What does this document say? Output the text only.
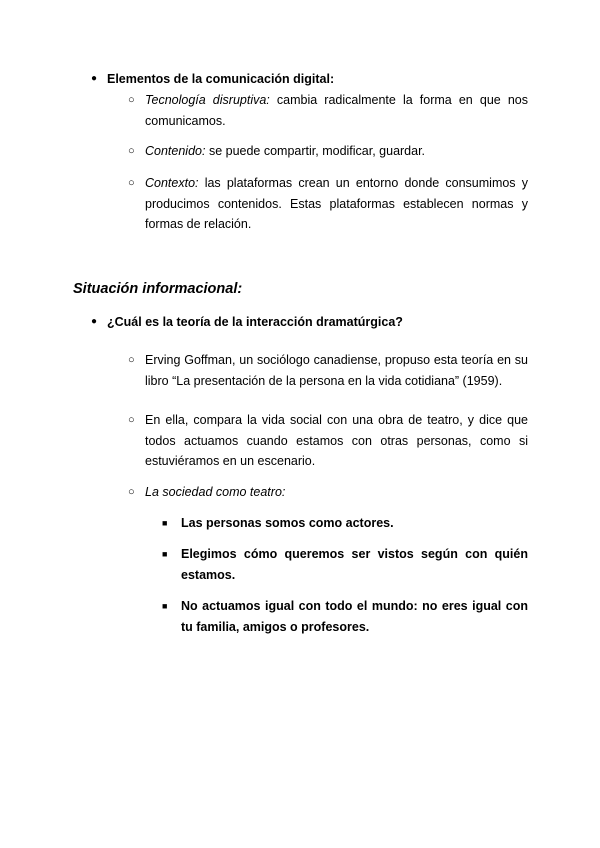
● Elementos de la comunicación digital:
○ Tecnología disruptiva: cambia radicalmente la forma en que nos comunicamos.
○ Contenido: se puede compartir, modificar, guardar.
○ Contexto: las plataformas crean un entorno donde consumimos y producimos contenidos. Estas plataformas establecen normas y formas de relación.
Situación informacional:
● ¿Cuál es la teoría de la interacción dramatúrgica?
○ Erving Goffman, un sociólogo canadiense, propuso esta teoría en su libro “La presentación de la persona en la vida cotidiana” (1959).
○ En ella, compara la vida social con una obra de teatro, y dice que todos actuamos cuando estamos con otras personas, como si estuviéramos en un escenario.
○ La sociedad como teatro:
■	Las personas somos como actores.
■	Elegimos cómo queremos ser vistos según con quién estamos.
■	No actuamos igual con todo el mundo: no eres igual con tu familia, amigos o profesores.
